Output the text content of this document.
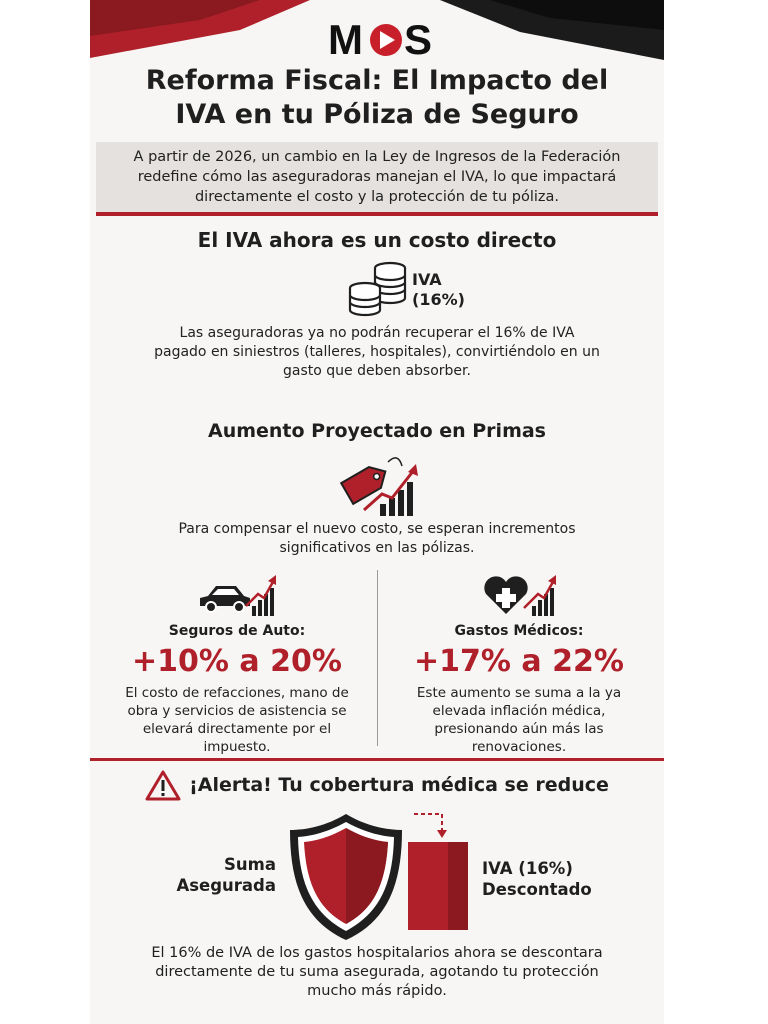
M S
Reforma Fiscal: El Impacto del
IVA en tu Póliza de Seguro
A partir de 2026, un cambio en la Ley de Ingresos de la Federación redefine cómo las aseguradoras manejan el IVA, lo que impactará directamente el costo y la protección de tu póliza.
El IVA ahora es un costo directo
IVA
(16%)
Las aseguradoras ya no podrán recuperar el 16% de IVA pagado en siniestros (talleres, hospitales), convirtiéndolo en un gasto que deben absorber.
Aumento Proyectado en Primas
Para compensar el nuevo costo, se esperan incrementos significativos en las pólizas.
Seguros de Auto:
+10% a 20%
El costo de refacciones, mano de obra y servicios de asistencia se elevará directamente por el impuesto.
Gastos Médicos:
+17% a 22%
Este aumento se suma a la ya elevada inflación médica, presionando aún más las renovaciones.
¡Alerta! Tu cobertura médica se reduce
Suma
Asegurada
IVA (16%)
Descontado
El 16% de IVA de los gastos hospitalarios ahora se descontara directamente de tu suma asegurada, agotando tu protección mucho más rápido.
